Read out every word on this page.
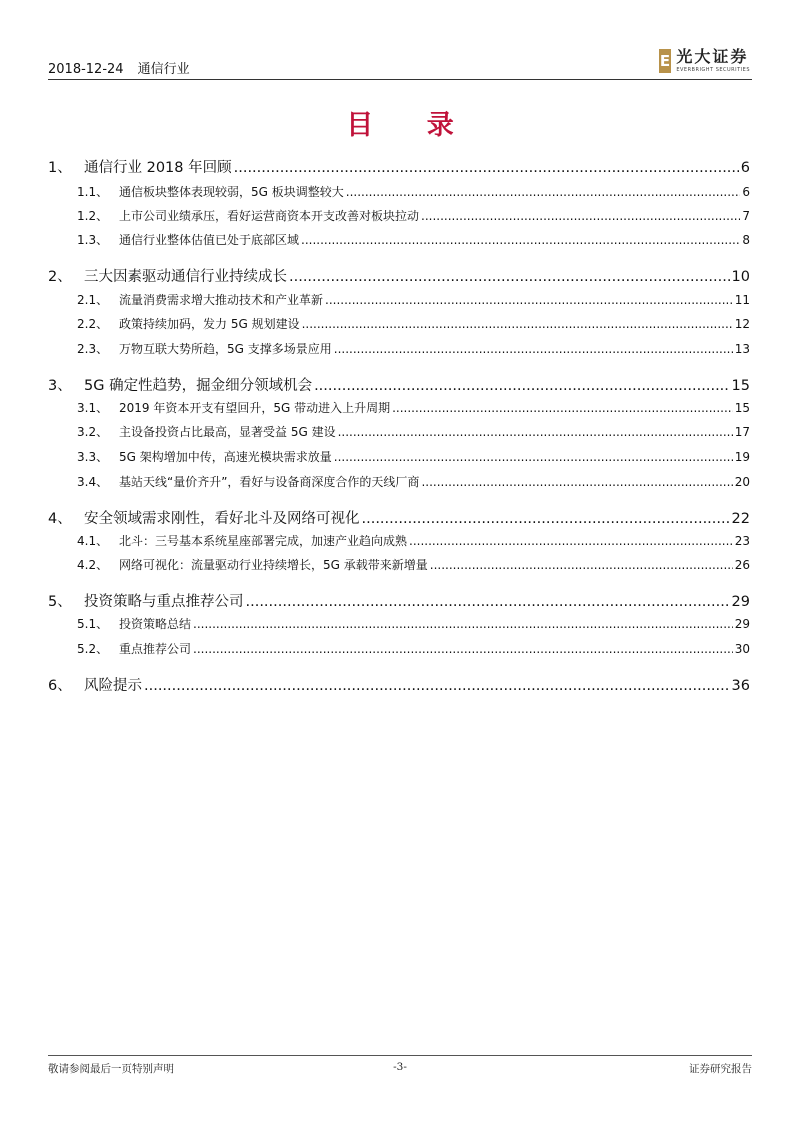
2018-12-24 通信行业	E 光大证券
EVERBRIGHT SECURITIES
目 录
1、 通信行业 2018 年回顾 .....	6
1.1、 通信板块整体表现较弱，5G 板块调整较大 .....	6
1.2、 上市公司业绩承压，看好运营商资本开支改善对板块拉动 .....	7
1.3、 通信行业整体估值已处于底部区域 .....	8
2、 三大因素驱动通信行业持续成长 .....	10
2.1、 流量消费需求增大推动技术和产业革新 .....	11
2.2、 政策持续加码，发力 5G 规划建设 .....	12
2.3、 万物互联大势所趋，5G 支撑多场景应用 .....	13
3、 5G 确定性趋势，掘金细分领域机会 .....	15
3.1、 2019 年资本开支有望回升，5G 带动进入上升周期 .....	15
3.2、 主设备投资占比最高，显著受益 5G 建设 .....	17
3.3、 5G 架构增加中传，高速光模块需求放量 .....	19
3.4、 基站天线“量价齐升”，看好与设备商深度合作的天线厂商 .....	20
4、 安全领域需求刚性，看好北斗及网络可视化 .....	22
4.1、 北斗：三号基本系统星座部署完成，加速产业趋向成熟 .....	23
4.2、 网络可视化：流量驱动行业持续增长，5G 承载带来新增量 .....	26
5、 投资策略与重点推荐公司 .....	29
5.1、 投资策略总结 .....	29
5.2、 重点推荐公司 .....	30
6、 风险提示 .....	36
敬请参阅最后一页特别声明	-3-	证券研究报告
